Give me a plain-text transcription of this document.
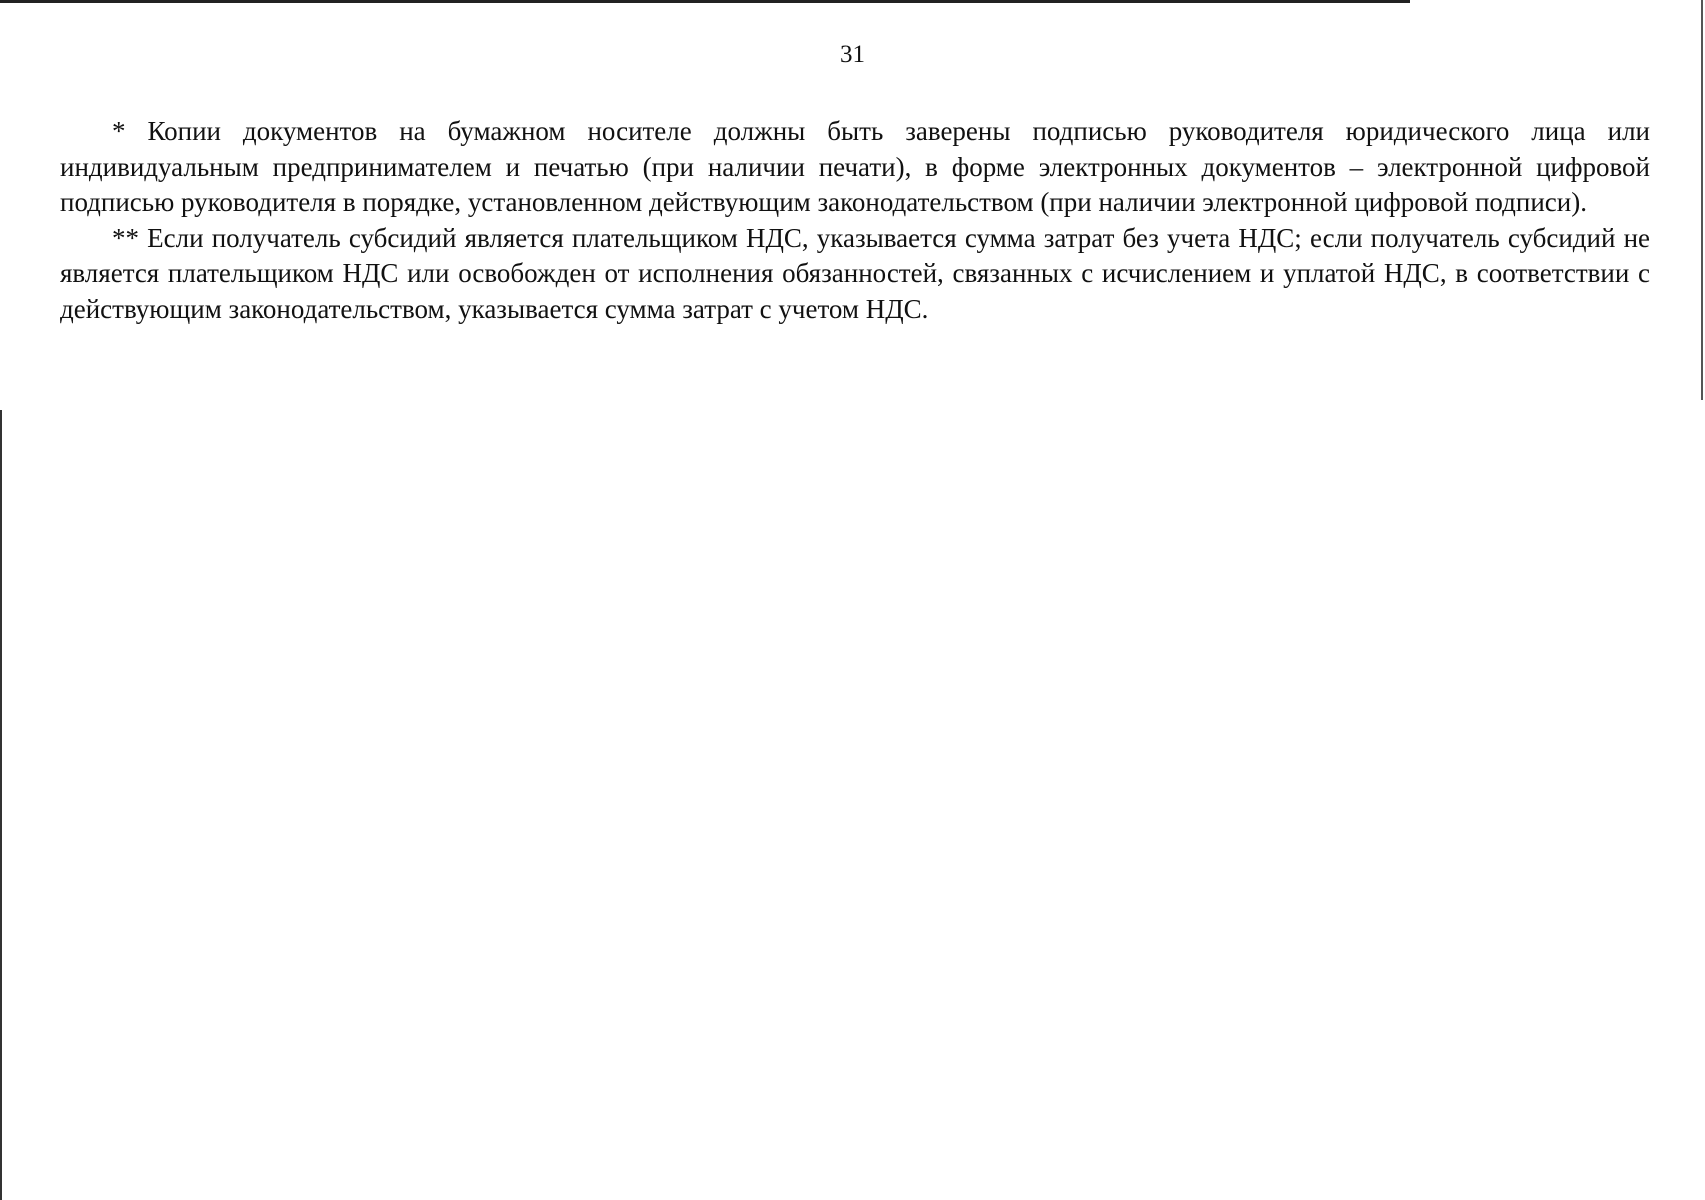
31

* Копии документов на бумажном носителе должны быть заверены подписью руководителя юридического лица или индивидуальным предпринимателем и печатью (при наличии печати), в форме электронных документов – электронной цифровой подписью руководителя в порядке, установленном действующим законодательством (при наличии электронной цифровой подписи).

** Если получатель субсидий является плательщиком НДС, указывается сумма затрат без учета НДС; если получатель субсидий не является плательщиком НДС или освобожден от исполнения обязанностей, связанных с исчислением и уплатой НДС, в соответствии с действующим законодательством, указывается сумма затрат с учетом НДС.
